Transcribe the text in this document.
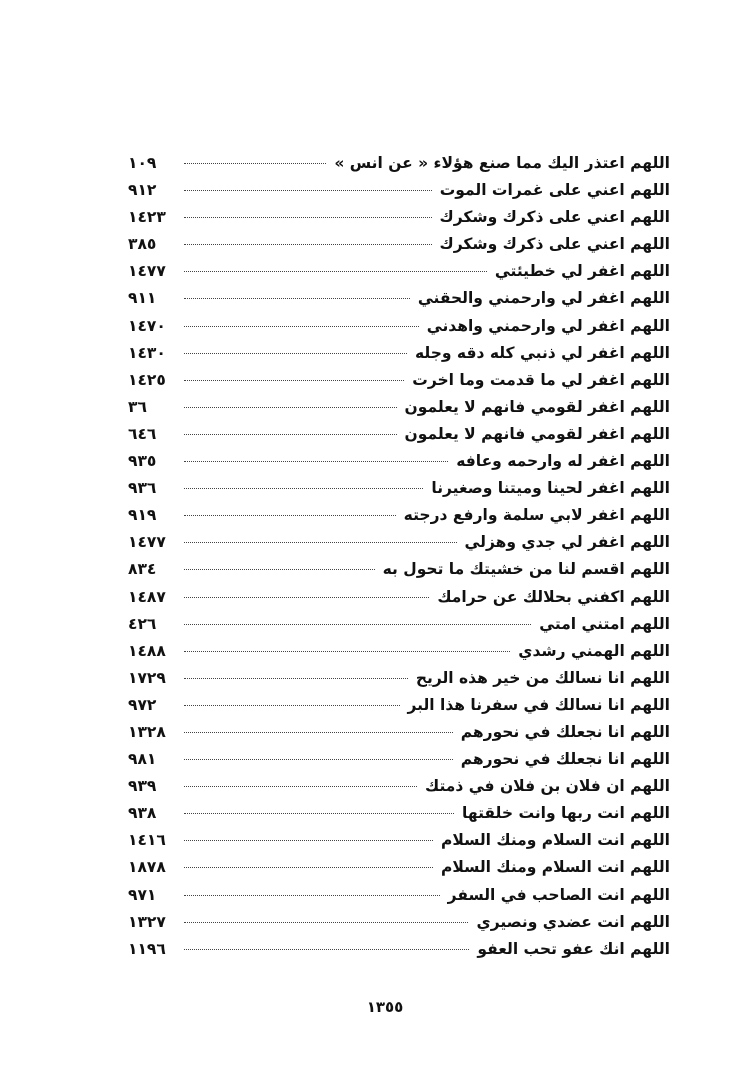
اللهم اعتذر اليك مما صنع هؤلاء « عن انس »
١٠٩
اللهم اعني على غمرات الموت
٩١٢
اللهم اعني على ذكرك وشكرك
١٤٢٣
اللهم اعني على ذكرك وشكرك
٣٨٥
اللهم اغفر لي خطيئتي
١٤٧٧
اللهم اغفر لي وارحمني والحقني
٩١١
اللهم اغفر لي وارحمني واهدني
١٤٧٠
اللهم اغفر لي ذنبي كله دقه وجله
١٤٣٠
اللهم اغفر لي ما قدمت وما اخرت
١٤٢٥
اللهم اغفر لقومي فانهم لا يعلمون
٣٦
اللهم اغفر لقومي فانهم لا يعلمون
٦٤٦
اللهم اغفر له وارحمه وعافه
٩٣٥
اللهم اغفر لحينا وميتنا وصغيرنا
٩٣٦
اللهم اغفر لابي سلمة وارفع درجته
٩١٩
اللهم اغفر لي جدي وهزلي
١٤٧٧
اللهم اقسم لنا من خشيتك ما تحول به
٨٣٤
اللهم اكفني بحلالك عن حرامك
١٤٨٧
اللهم امتني امتي
٤٢٦
اللهم الهمني رشدي
١٤٨٨
اللهم انا نسالك من خير هذه الريح
١٧٢٩
اللهم انا نسالك في سفرنا هذا البر
٩٧٢
اللهم انا نجعلك في نحورهم
١٣٢٨
اللهم انا نجعلك في نحورهم
٩٨١
اللهم ان فلان بن فلان في ذمتك
٩٣٩
اللهم انت ربها وانت خلقتها
٩٣٨
اللهم انت السلام ومنك السلام
١٤١٦
اللهم انت السلام ومنك السلام
١٨٧٨
اللهم انت الصاحب في السفر
٩٧١
اللهم انت عضدي ونصيري
١٣٢٧
اللهم انك عفو تحب العفو
١١٩٦
١٣٥٥
